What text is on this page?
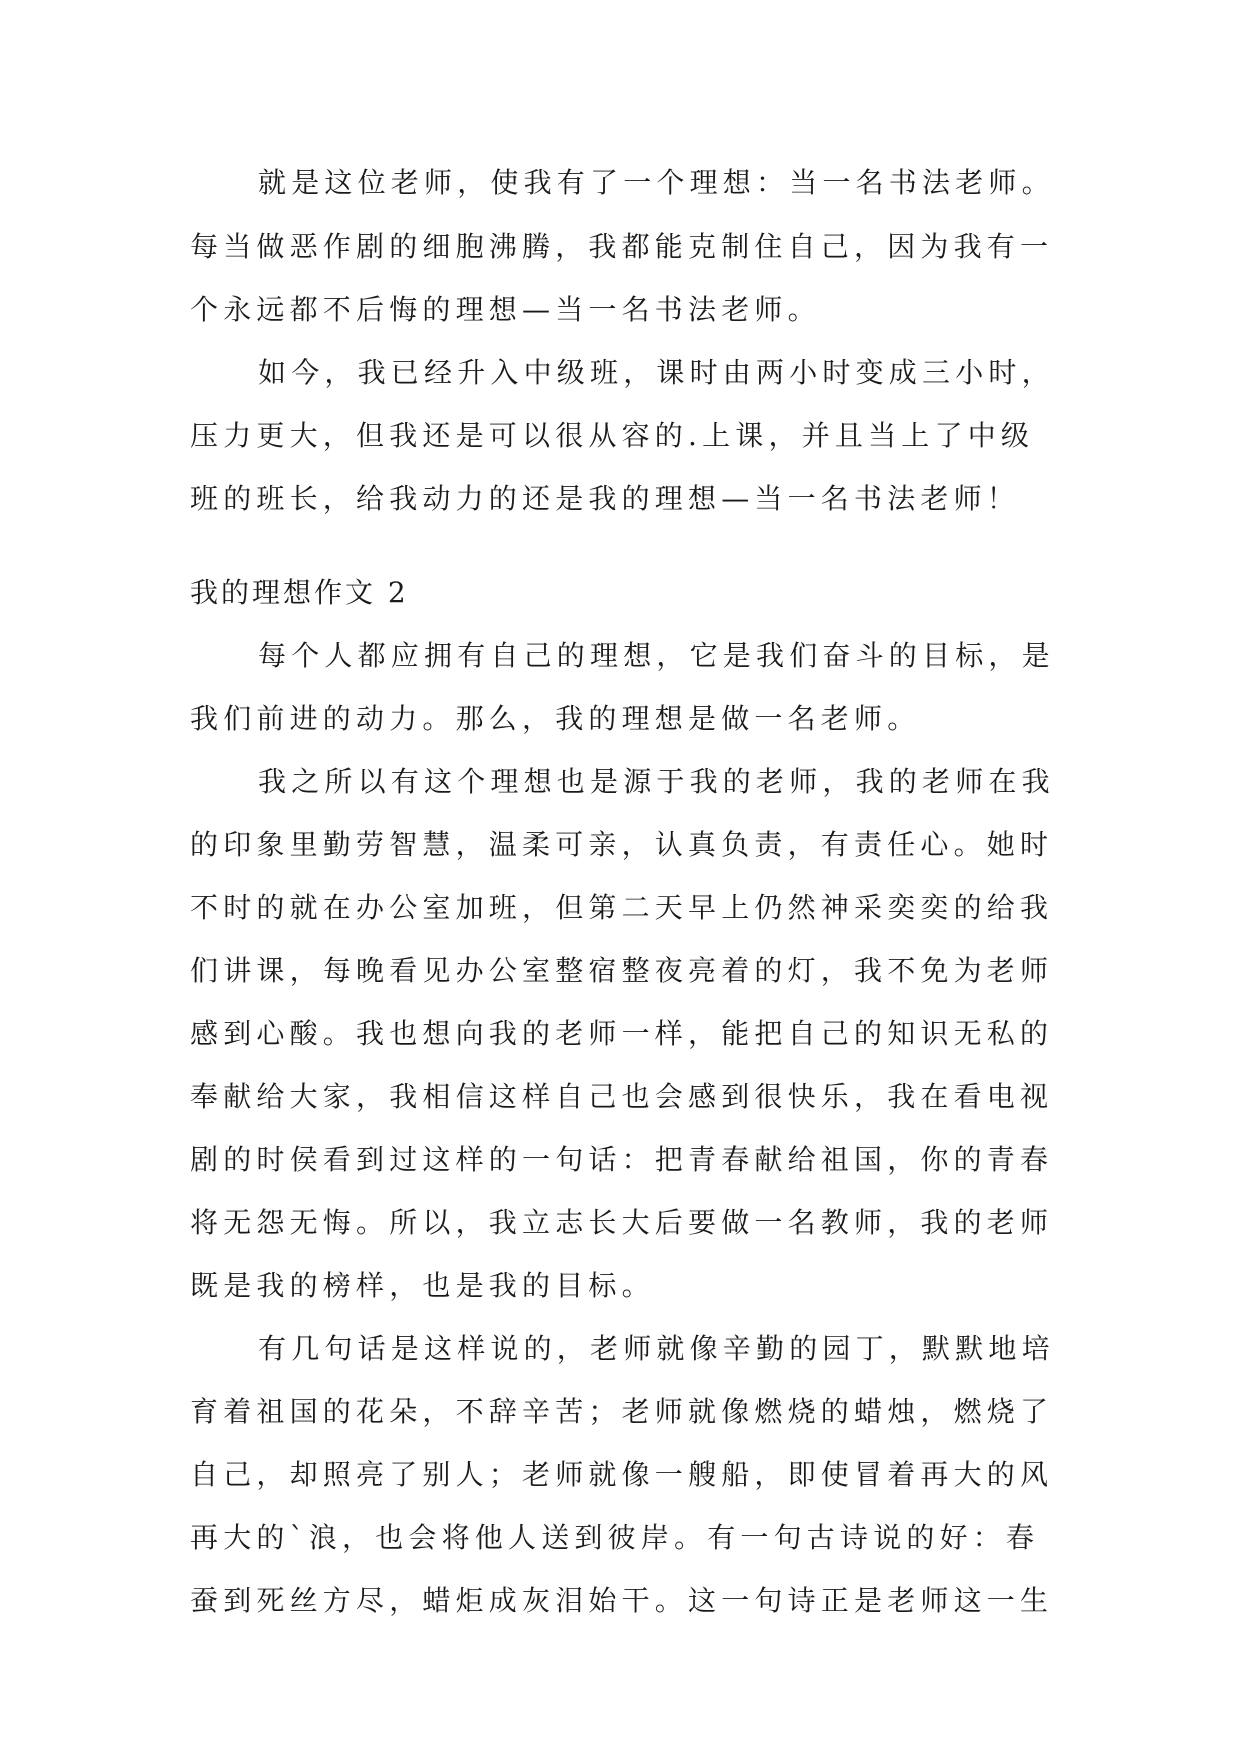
就是这位老师，使我有了一个理想：当一名书法老师。
每当做恶作剧的细胞沸腾，我都能克制住自己，因为我有一
个永远都不后悔的理想—当一名书法老师。
如今，我已经升入中级班，课时由两小时变成三小时，
压力更大，但我还是可以很从容的.上课，并且当上了中级
班的班长，给我动力的还是我的理想—当一名书法老师！
我的理想作文 2
每个人都应拥有自己的理想，它是我们奋斗的目标，是
我们前进的动力。那么，我的理想是做一名老师。
我之所以有这个理想也是源于我的老师，我的老师在我
的印象里勤劳智慧，温柔可亲，认真负责，有责任心。她时
不时的就在办公室加班，但第二天早上仍然神采奕奕的给我
们讲课，每晚看见办公室整宿整夜亮着的灯，我不免为老师
感到心酸。我也想向我的老师一样，能把自己的知识无私的
奉献给大家，我相信这样自己也会感到很快乐，我在看电视
剧的时侯看到过这样的一句话：把青春献给祖国，你的青春
将无怨无悔。所以，我立志长大后要做一名教师，我的老师
既是我的榜样，也是我的目标。
有几句话是这样说的，老师就像辛勤的园丁，默默地培
育着祖国的花朵，不辞辛苦；老师就像燃烧的蜡烛，燃烧了
自己，却照亮了别人；老师就像一艘船，即使冒着再大的风
再大的`浪，也会将他人送到彼岸。有一句古诗说的好：春
蚕到死丝方尽，蜡炬成灰泪始干。这一句诗正是老师这一生
